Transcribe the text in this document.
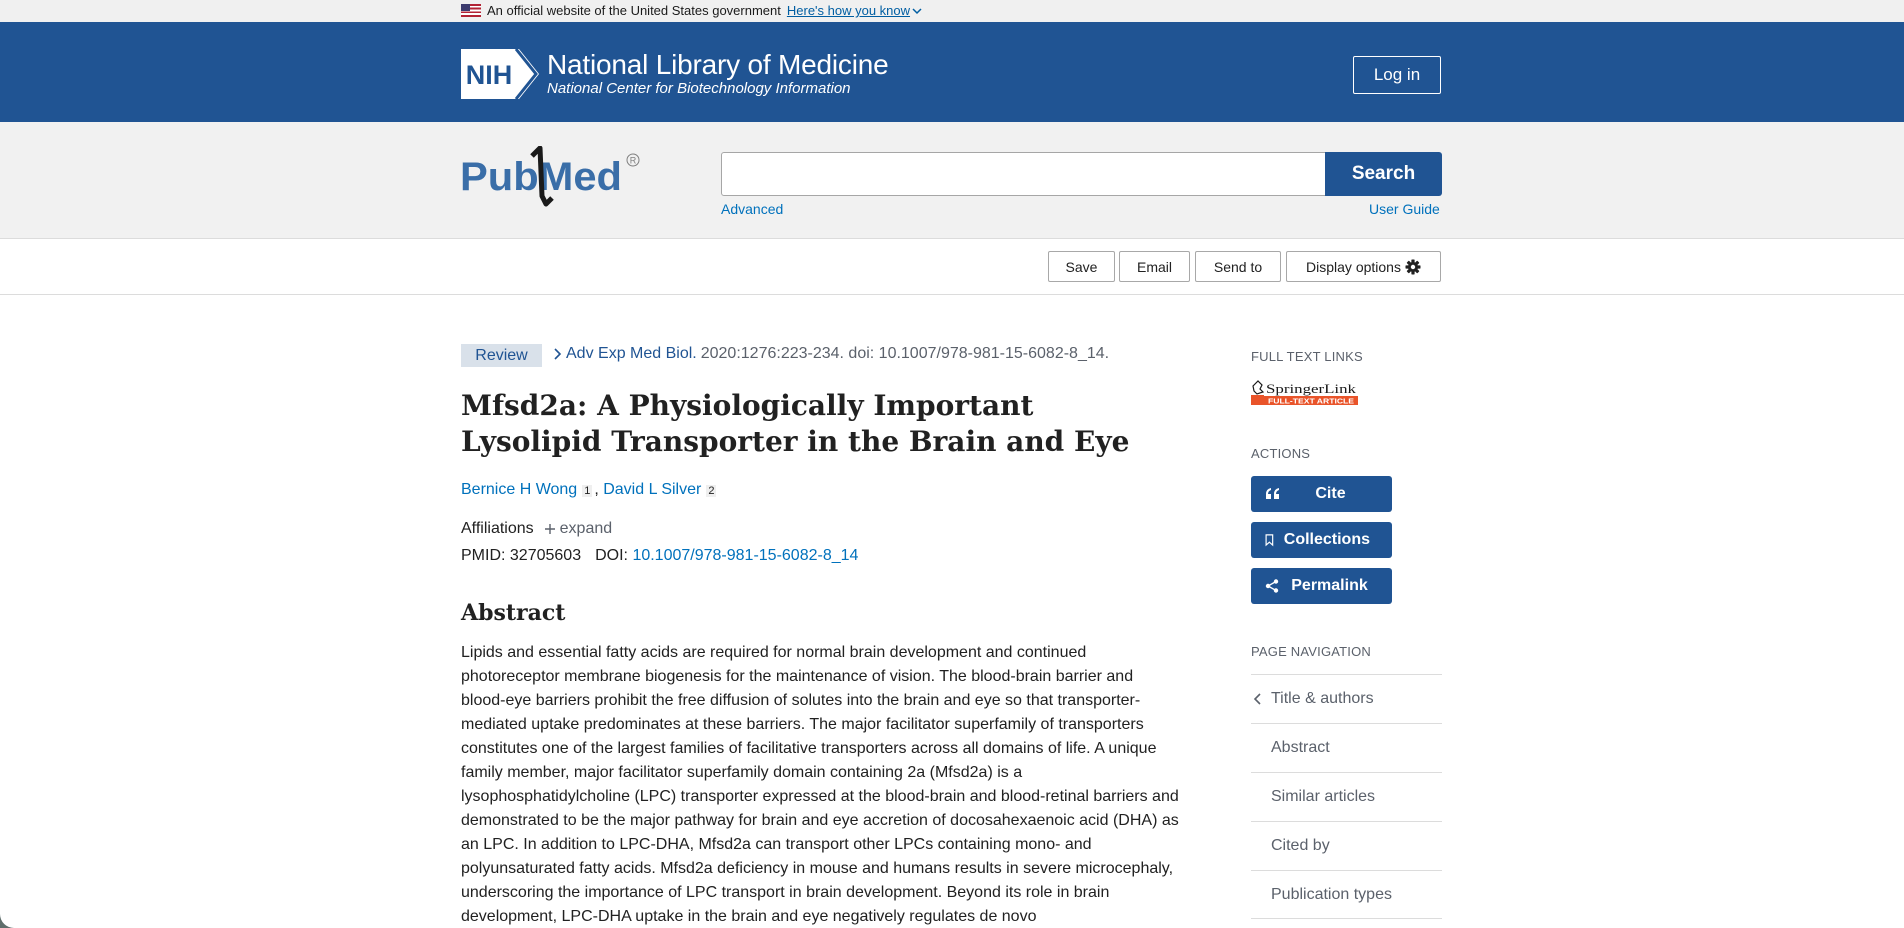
An official website of the United States government Here's how you know
NIH National Library of Medicine
National Center for Biotechnology Information
Log in
PubMed R
Search
Advanced	User Guide
Save	Email	Send to	Display options
Review	Adv Exp Med Biol. 2020:1276:223-234. doi: 10.1007/978-981-15-6082-8_14.
Mfsd2a: A Physiologically Important Lysolipid Transporter in the Brain and Eye
Bernice H Wong 1 , David L Silver 2
Affiliations expand
PMID: 32705603 DOI: 10.1007/978-981-15-6082-8_14
Abstract

Lipids and essential fatty acids are required for normal brain development and continued photoreceptor membrane biogenesis for the maintenance of vision. The blood-brain barrier and blood-eye barriers prohibit the free diffusion of solutes into the brain and eye so that transporter-mediated uptake predominates at these barriers. The major facilitator superfamily of transporters constitutes one of the largest families of facilitative transporters across all domains of life. A unique family member, major facilitator superfamily domain containing 2a (Mfsd2a) is a lysophosphatidylcholine (LPC) transporter expressed at the blood-brain and blood-retinal barriers and demonstrated to be the major pathway for brain and eye accretion of docosahexaenoic acid (DHA) as an LPC. In addition to LPC-DHA, Mfsd2a can transport other LPCs containing mono- and polyunsaturated fatty acids. Mfsd2a deficiency in mouse and humans results in severe microcephaly, underscoring the importance of LPC transport in brain development. Beyond its role in brain development, LPC-DHA uptake in the brain and eye negatively regulates de novo

FULL TEXT LINKS
SpringerLink
FULL-TEXT ARTICLE
ACTIONS
Cite
Collections
Permalink
PAGE NAVIGATION
Title & authors
Abstract
Similar articles
Cited by
Publication types
